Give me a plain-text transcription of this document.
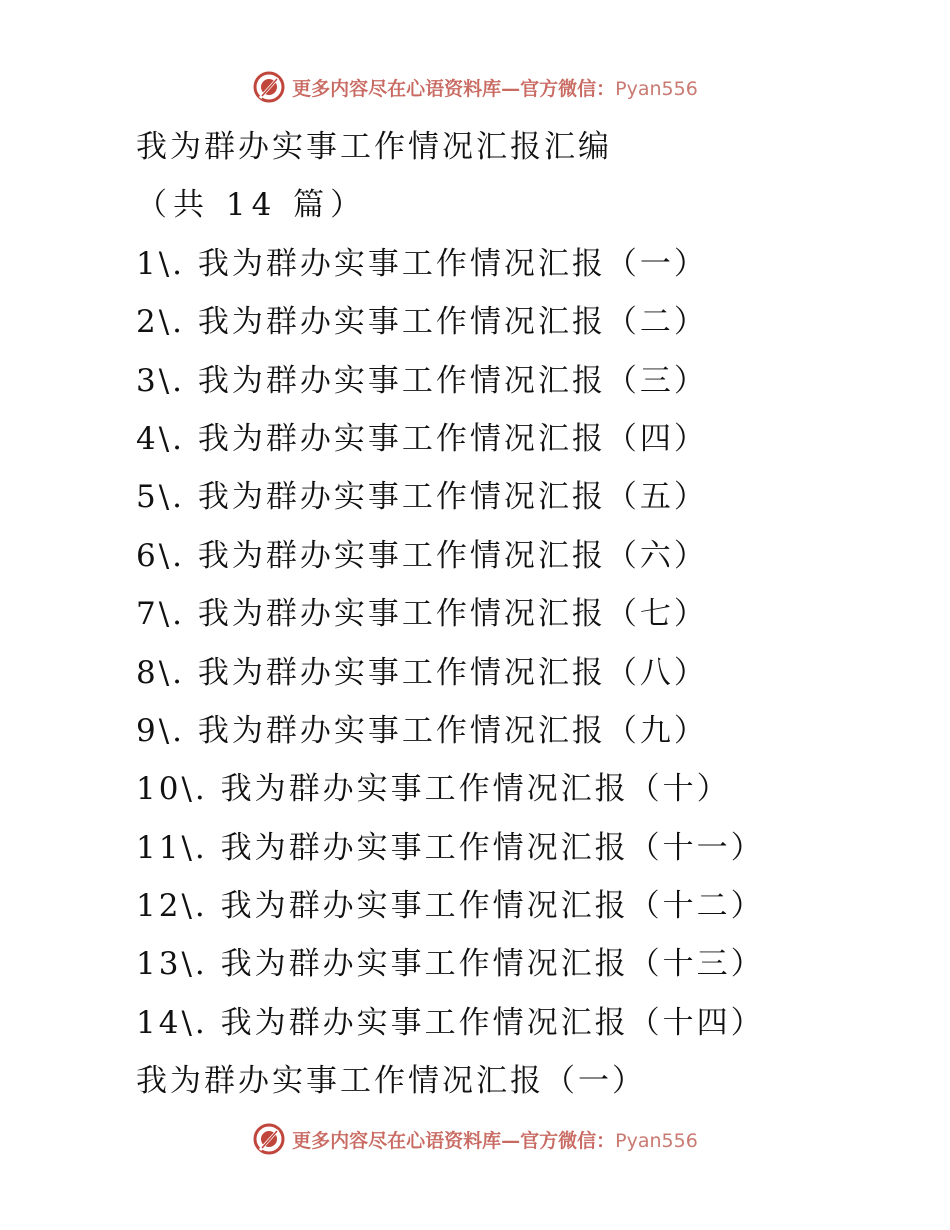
更多内容尽在心语资料库—官方微信：Pyan556
我为群办实事工作情况汇报汇编
（共 14 篇）
1\. 我为群办实事工作情况汇报（一）
2\. 我为群办实事工作情况汇报（二）
3\. 我为群办实事工作情况汇报（三）
4\. 我为群办实事工作情况汇报（四）
5\. 我为群办实事工作情况汇报（五）
6\. 我为群办实事工作情况汇报（六）
7\. 我为群办实事工作情况汇报（七）
8\. 我为群办实事工作情况汇报（八）
9\. 我为群办实事工作情况汇报（九）
10\. 我为群办实事工作情况汇报（十）
11\. 我为群办实事工作情况汇报（十一）
12\. 我为群办实事工作情况汇报（十二）
13\. 我为群办实事工作情况汇报（十三）
14\. 我为群办实事工作情况汇报（十四）
我为群办实事工作情况汇报（一）
更多内容尽在心语资料库—官方微信：Pyan556
